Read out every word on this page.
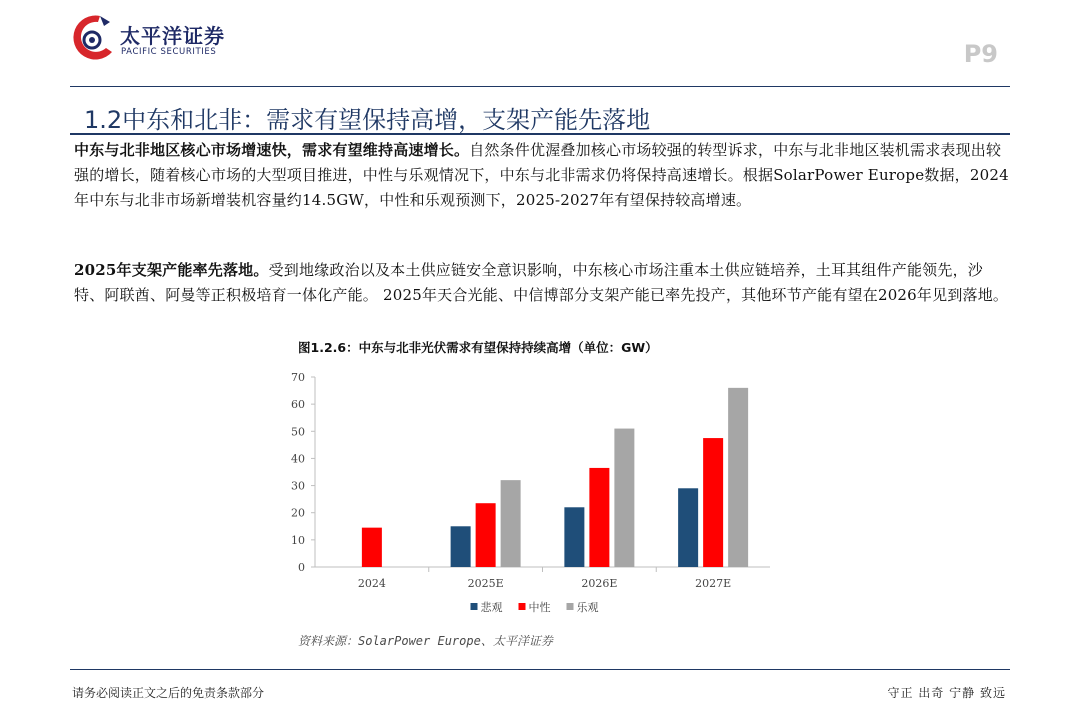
太平洋证券
PACIFIC SECURITIES	P9
1.2中东和北非：需求有望保持高增，支架产能先落地
中东与北非地区核心市场增速快，需求有望维持高速增长。自然条件优渥叠加核心市场较强的转型诉求，中东与北非地区装机需求表现出较强的增长，随着核心市场的大型项目推进，中性与乐观情况下，中东与北非需求仍将保持高速增长。根据SolarPower Europe数据，2024年中东与北非市场新增装机容量约14.5GW，中性和乐观预测下，2025-2027年有望保持较高增速。
2025年支架产能率先落地。受到地缘政治以及本土供应链安全意识影响，中东核心市场注重本土供应链培养，土耳其组件产能领先，沙特、阿联酋、阿曼等正积极培育一体化产能。 2025年天合光能、中信博部分支架产能已率先投产，其他环节产能有望在2026年见到落地。
图1.2.6：中东与北非光伏需求有望保持持续高增（单位：GW）
0
10
20
30
40
50
60
70
2024	2025E	2026E	2027E
悲观 中性 乐观
资料来源：SolarPower Europe、太平洋证券
请务必阅读正文之后的免责条款部分	守正 出奇 宁静 致远
